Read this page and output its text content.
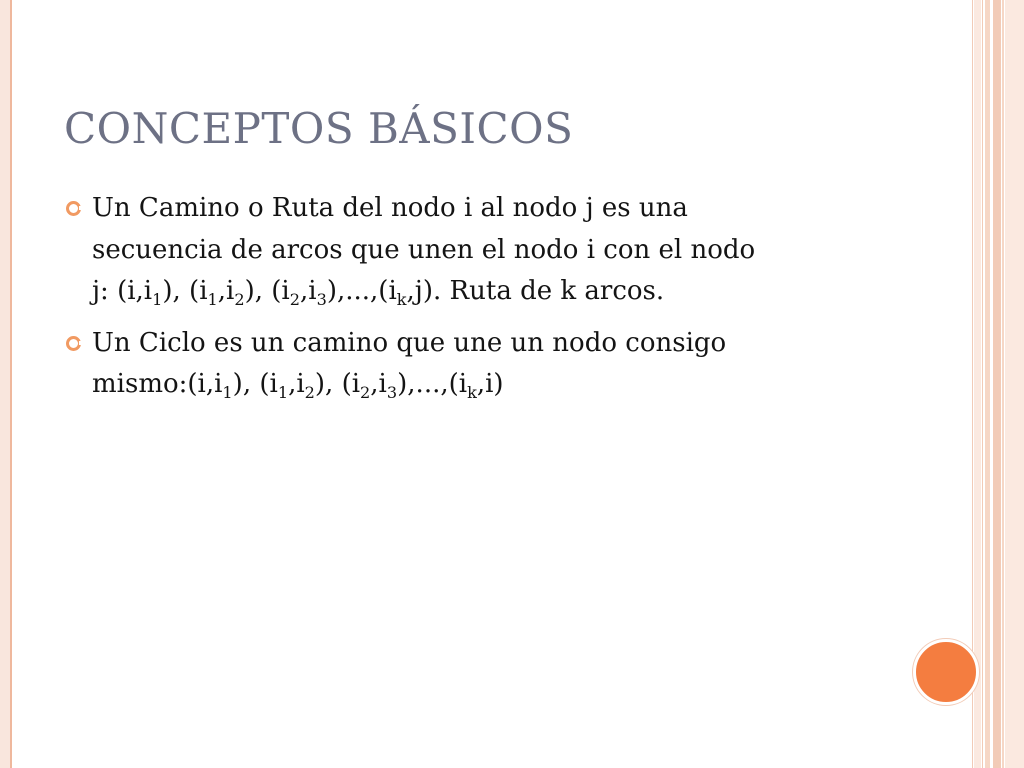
CONCEPTOS BÁSICOS

Un Camino o Ruta del nodo i al nodo j es una

secuencia de arcos que unen el nodo i con el nodo

j: $(i,i_1)$, $(i_1,i_2)$, $(i_2,i_3),...,(i_k,j)$. Ruta de k arcos.

Un Ciclo es un camino que une un nodo consigo

$mismo:(i,i_1)$, $(i_1,i_2)$, $(i_2,i_3),...,(i_k,i)$
